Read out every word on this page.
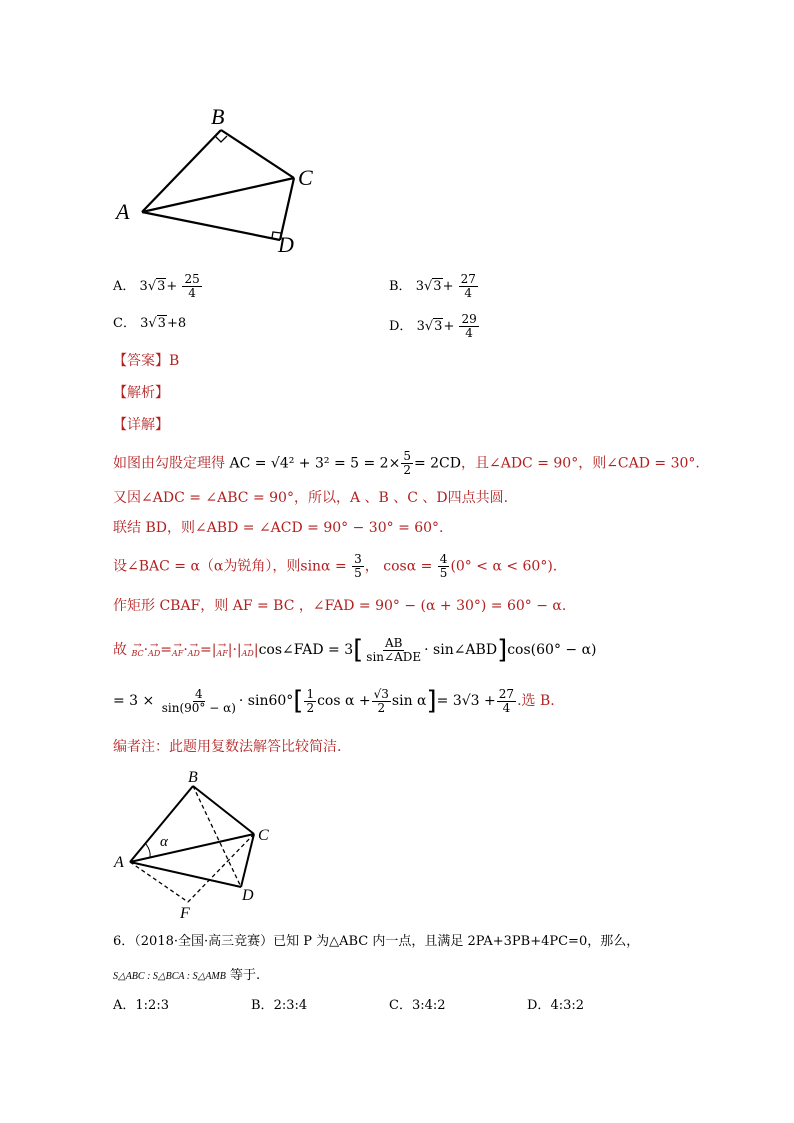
B
C
A
D
A． $3√3+ \frac{25}{4}$	B． $3√3+ \frac{27}{4}$
C． 3√3+8	D． $3√3+ \frac{29}{4}$
【答案】B
【解析】
【详解】
如图由勾股定理得 AC = $√4^2 + 3^2 = 5 = 2\times \frac{5}{2} = 2CD$，且∠ADC = 90°，则∠CAD = 30°.
又因∠ADC = ∠ABC = 90°，所以，A 、B 、C 、D四点共圆.
联结 BD，则∠ABD = ∠ACD = 90° − 30° = 60°.
设∠BAC = α（α为锐角），则$\sin\alpha = \frac{3}{5}$ ， $\cos\alpha = \frac{4}{5} (0^\circ < \alpha < 60^\circ)$.
作矩形 CBAF，则 AF = BC ，∠FAD = 90° − (α + 30°) = 60° − α.
故 →
BC · →
AD = →
AF · →
AD =| →
AF |·| →
AD |cos∠FAD = $3[ \frac{AB}{\text{sin∠ADE}}$ · sin∠ABD]cos(60° − α)
= $3 \times \frac{4}{\sin(90^\circ - \alpha)} \cdot \sin 60^\circ[ \frac{1}{2}$ $\cos \alpha + \frac{√3}{2}$ $\sin \alpha]= 3√3 + \frac{27}{4}$ .选 B.
编者注：此题用复数法解答比较简洁.
B
C
A
D
F
α
6．（2018·全国·高三竞赛）已知 P 为△ABC 内一点，且满足 2PA+3PB+4PC=0，那么，
S△ABC : S△BCA : S△AMB 等于.
A．1:2:3	B．2:3:4	C．3:4:2	D．4:3:2
